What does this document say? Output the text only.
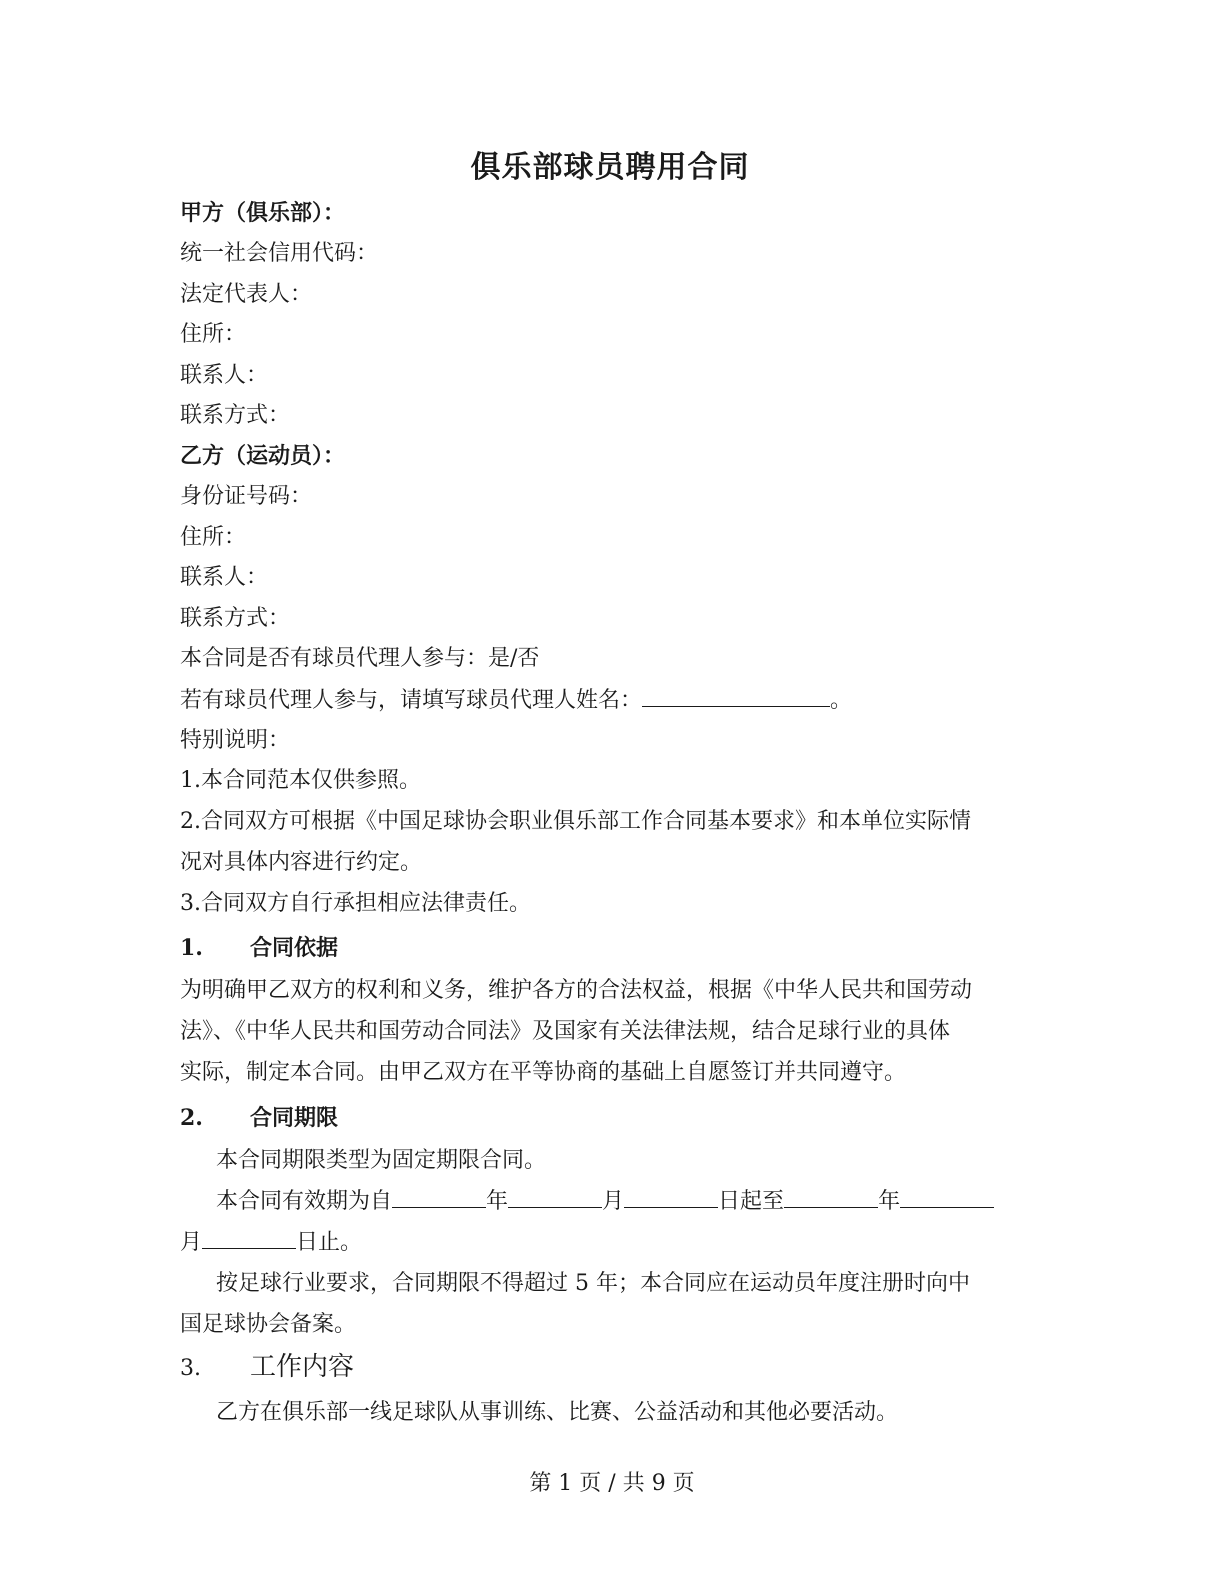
俱乐部球员聘用合同
甲方（俱乐部）：
统一社会信用代码：
法定代表人：
住所：
联系人：
联系方式：
乙方（运动员）：
身份证号码：
住所：
联系人：
联系方式：
本合同是否有球员代理人参与：是/否
若有球员代理人参与，请填写球员代理人姓名：	。
特别说明：
1.本合同范本仅供参照。
2.合同双方可根据《中国足球协会职业俱乐部工作合同基本要求》和本单位实际情
况对具体内容进行约定。
3.合同双方自行承担相应法律责任。
1. 合同依据
为明确甲乙双方的权利和义务，维护各方的合法权益，根据《中华人民共和国劳动
法》、《中华人民共和国劳动合同法》及国家有关法律法规，结合足球行业的具体
实际，制定本合同。由甲乙双方在平等协商的基础上自愿签订并共同遵守。
2. 合同期限
本合同期限类型为固定期限合同。
本合同有效期为自	年	月	日起至	年
月	日止。
按足球行业要求，合同期限不得超过 5 年；本合同应在运动员年度注册时向中
国足球协会备案。
3. 工作内容
乙方在俱乐部一线足球队从事训练、比赛、公益活动和其他必要活动。
第 1 页 / 共 9 页
